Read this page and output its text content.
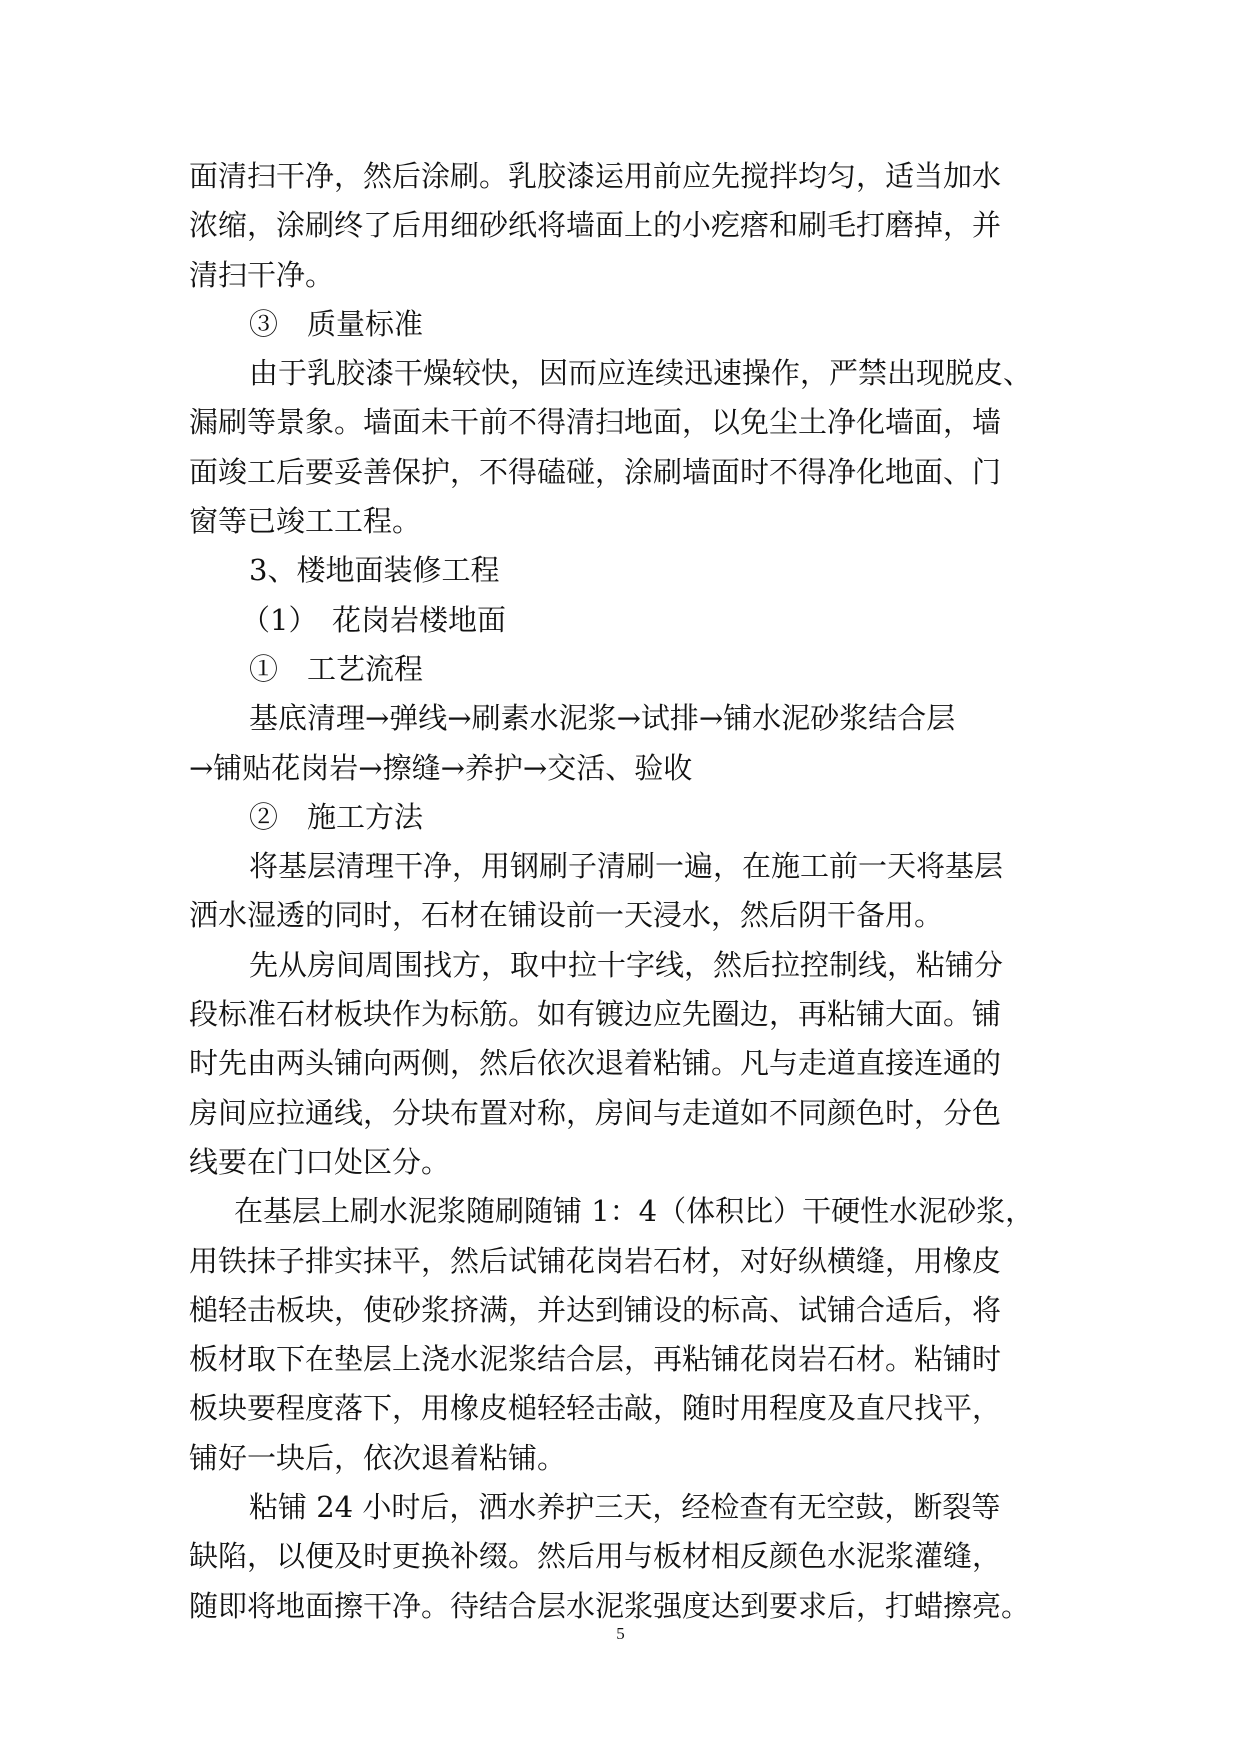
面清扫干净，然后涂刷。乳胶漆运用前应先搅拌均匀，适当加水
浓缩，涂刷终了后用细砂纸将墙面上的小疙瘩和刷毛打磨掉，并
清扫干净。
③　质量标准
由于乳胶漆干燥较快，因而应连续迅速操作，严禁出现脱皮、
漏刷等景象。墙面未干前不得清扫地面，以免尘土净化墙面，墙
面竣工后要妥善保护，不得磕碰，涂刷墙面时不得净化地面、门
窗等已竣工工程。
3、楼地面装修工程
（1）　花岗岩楼地面
①　工艺流程
基底清理→弹线→刷素水泥浆→试排→铺水泥砂浆结合层
→铺贴花岗岩→擦缝→养护→交活、验收
②　施工方法
将基层清理干净，用钢刷子清刷一遍，在施工前一天将基层
洒水湿透的同时，石材在铺设前一天浸水，然后阴干备用。
先从房间周围找方，取中拉十字线，然后拉控制线，粘铺分
段标准石材板块作为标筋。如有镀边应先圈边，再粘铺大面。铺
时先由两头铺向两侧，然后依次退着粘铺。凡与走道直接连通的
房间应拉通线，分块布置对称，房间与走道如不同颜色时，分色
线要在门口处区分。
在基层上刷水泥浆随刷随铺 1：4（体积比）干硬性水泥砂浆，
用铁抹子排实抹平，然后试铺花岗岩石材，对好纵横缝，用橡皮
槌轻击板块，使砂浆挤满，并达到铺设的标高、试铺合适后，将
板材取下在垫层上浇水泥浆结合层，再粘铺花岗岩石材。粘铺时
板块要程度落下，用橡皮槌轻轻击敲，随时用程度及直尺找平，
铺好一块后，依次退着粘铺。
粘铺 24 小时后，洒水养护三天，经检查有无空鼓，断裂等
缺陷，以便及时更换补缀。然后用与板材相反颜色水泥浆灌缝，
随即将地面擦干净。待结合层水泥浆强度达到要求后，打蜡擦亮。
5
